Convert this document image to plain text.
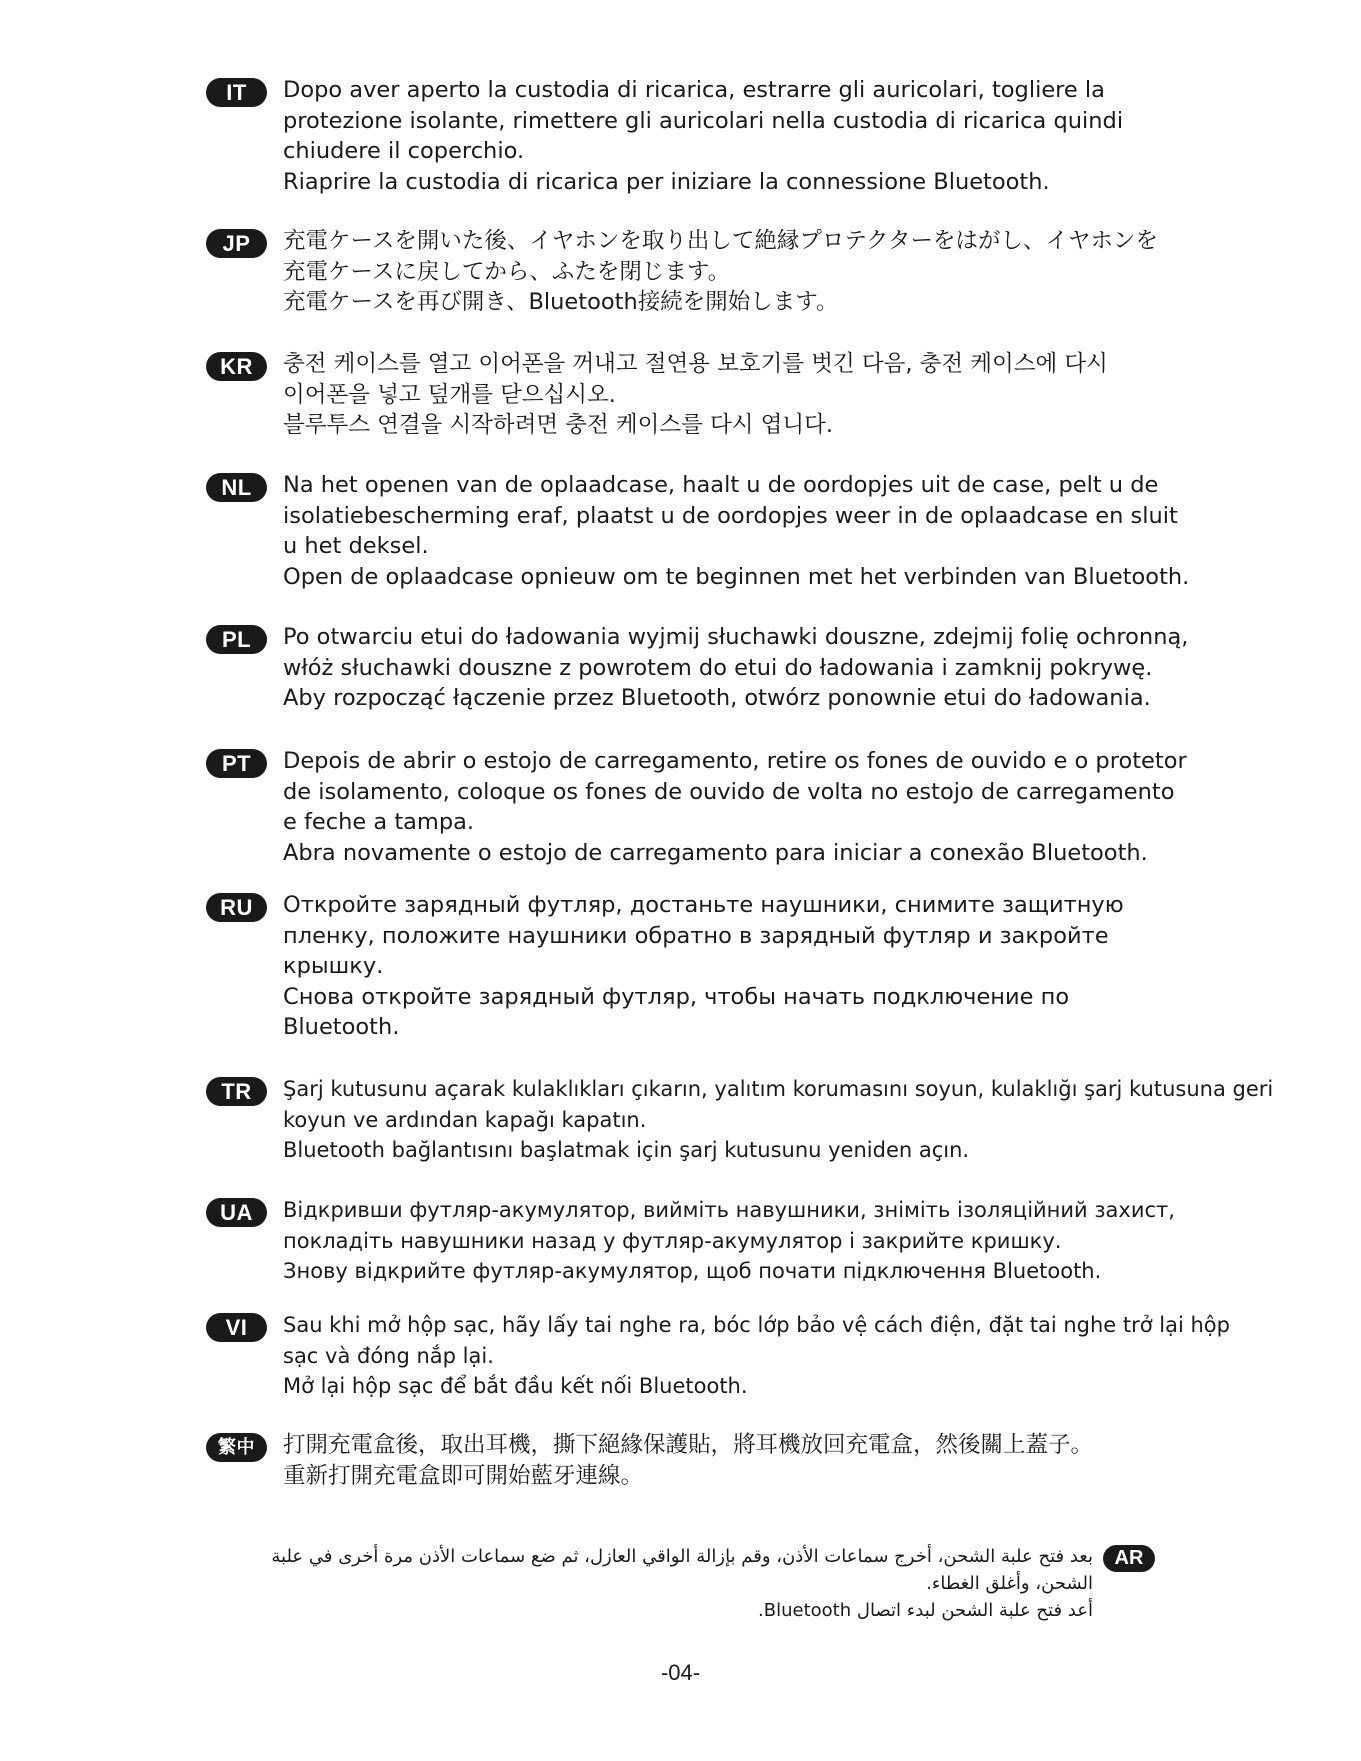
IT	Dopo aver aperto la custodia di ricarica, estrarre gli auricolari, togliere la
protezione isolante, rimettere gli auricolari nella custodia di ricarica quindi
chiudere il coperchio.
Riaprire la custodia di ricarica per iniziare la connessione Bluetooth.
JP	充電ケースを開いた後、イヤホンを取り出して絶縁プロテクターをはがし、イヤホンを
充電ケースに戻してから、ふたを閉じます。
充電ケースを再び開き、Bluetooth接続を開始します。
KR	충전 케이스를 열고 이어폰을 꺼내고 절연용 보호기를 벗긴 다음, 충전 케이스에 다시
이어폰을 넣고 덮개를 닫으십시오.
블루투스 연결을 시작하려면 충전 케이스를 다시 엽니다.
NL	Na het openen van de oplaadcase, haalt u de oordopjes uit de case, pelt u de
isolatiebescherming eraf, plaatst u de oordopjes weer in de oplaadcase en sluit
u het deksel.
Open de oplaadcase opnieuw om te beginnen met het verbinden van Bluetooth.
PL	Po otwarciu etui do ładowania wyjmij słuchawki douszne, zdejmij folię ochronną,
włóż słuchawki douszne z powrotem do etui do ładowania i zamknij pokrywę.
Aby rozpocząć łączenie przez Bluetooth, otwórz ponownie etui do ładowania.
PT	Depois de abrir o estojo de carregamento, retire os fones de ouvido e o protetor
de isolamento, coloque os fones de ouvido de volta no estojo de carregamento
e feche a tampa.
Abra novamente o estojo de carregamento para iniciar a conexão Bluetooth.
RU	Откройте зарядный футляр, достаньте наушники, снимите защитную
пленку, положите наушники обратно в зарядный футляр и закройте
крышку.
Снова откройте зарядный футляр, чтобы начать подключение по
Bluetooth.
TR	Şarj kutusunu açarak kulaklıkları çıkarın, yalıtım korumasını soyun, kulaklığı şarj kutusuna geri
koyun ve ardından kapağı kapatın.
Bluetooth bağlantısını başlatmak için şarj kutusunu yeniden açın.
UA	Відкривши футляр-акумулятор, вийміть навушники, зніміть ізоляційний захист,
покладіть навушники назад у футляр-акумулятор і закрийте кришку.
Знову відкрийте футляр-акумулятор, щоб почати підключення Bluetooth.
VI	Sau khi mở hộp sạc, hãy lấy tai nghe ra, bóc lớp bảo vệ cách điện, đặt tai nghe trở lại hộp
sạc và đóng nắp lại.
Mở lại hộp sạc để bắt đầu kết nối Bluetooth.
繁中	打開充電盒後，取出耳機，撕下絕緣保護貼，將耳機放回充電盒，然後關上蓋子。
重新打開充電盒即可開始藍牙連線。
AR
بعد فتح علبة الشحن، أخرج سماعات الأذن، وقم بإزالة الواقي العازل، ثم ضع سماعات الأذن مرة أخرى في علبة
الشحن، وأغلق الغطاء.
أعد فتح علبة الشحن لبدء اتصال Bluetooth.
-04-
